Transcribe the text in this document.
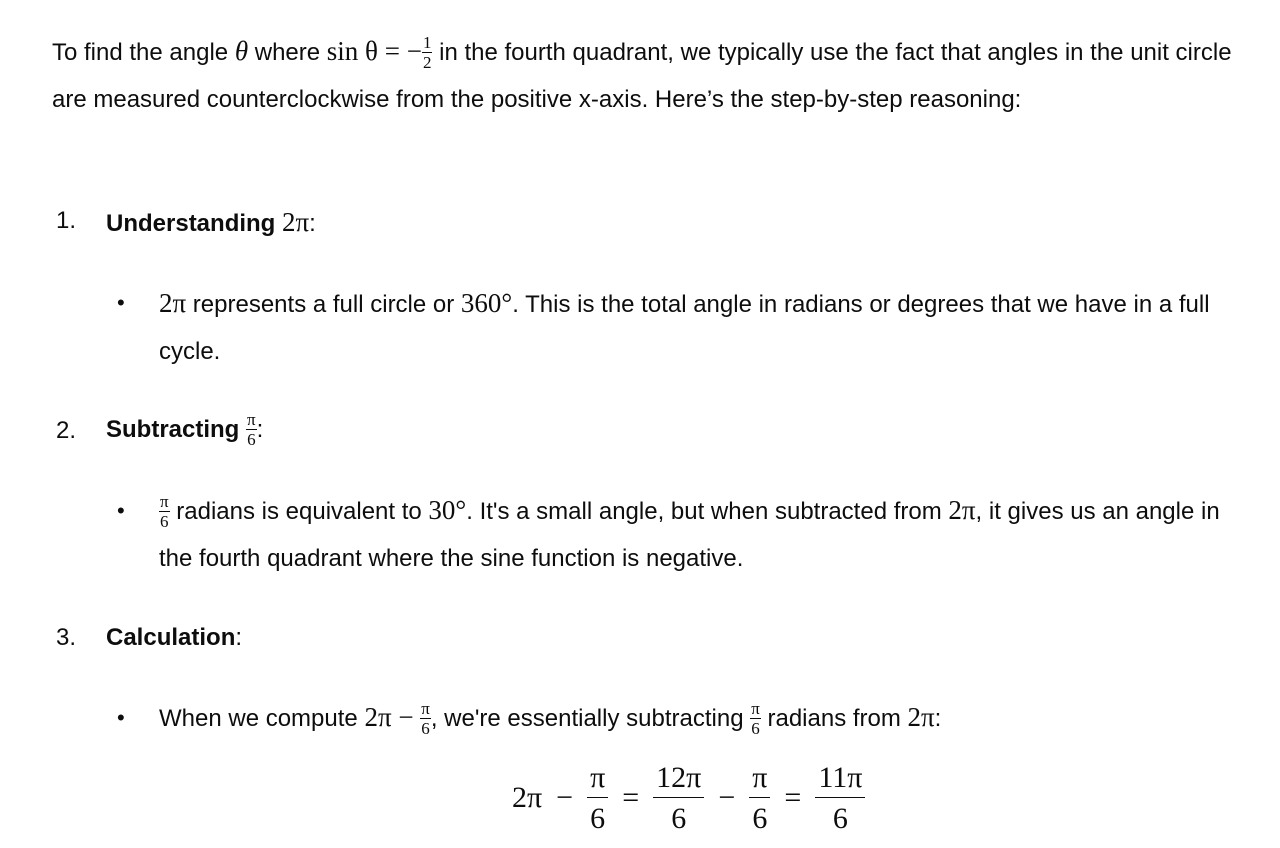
To find the angle θ where sin θ = − $\frac{1}{2}$ in the fourth quadrant, we typically use the fact that angles in the unit circle are measured counterclockwise from the positive x-axis. Here’s the step-by-step reasoning:
1. Understanding 2π:
• 2π represents a full circle or 360°. This is the total angle in radians or degrees that we have in a full cycle.
2. Subtracting $\frac{\pi}{6}$ :
• $\frac{\pi}{6}$ radians is equivalent to 30°. It's a small angle, but when subtracted from 2π, it gives us an angle in the fourth quadrant where the sine function is negative.
3. Calculation:
• When we compute $2\pi - \frac{\pi}{6}$ , we're essentially subtracting $\frac{\pi}{6}$ radians from 2π:
$2\pi - \frac{\pi}{6} = \frac{12\pi}{6} - \frac{\pi}{6} = \frac{11\pi}{6}$
